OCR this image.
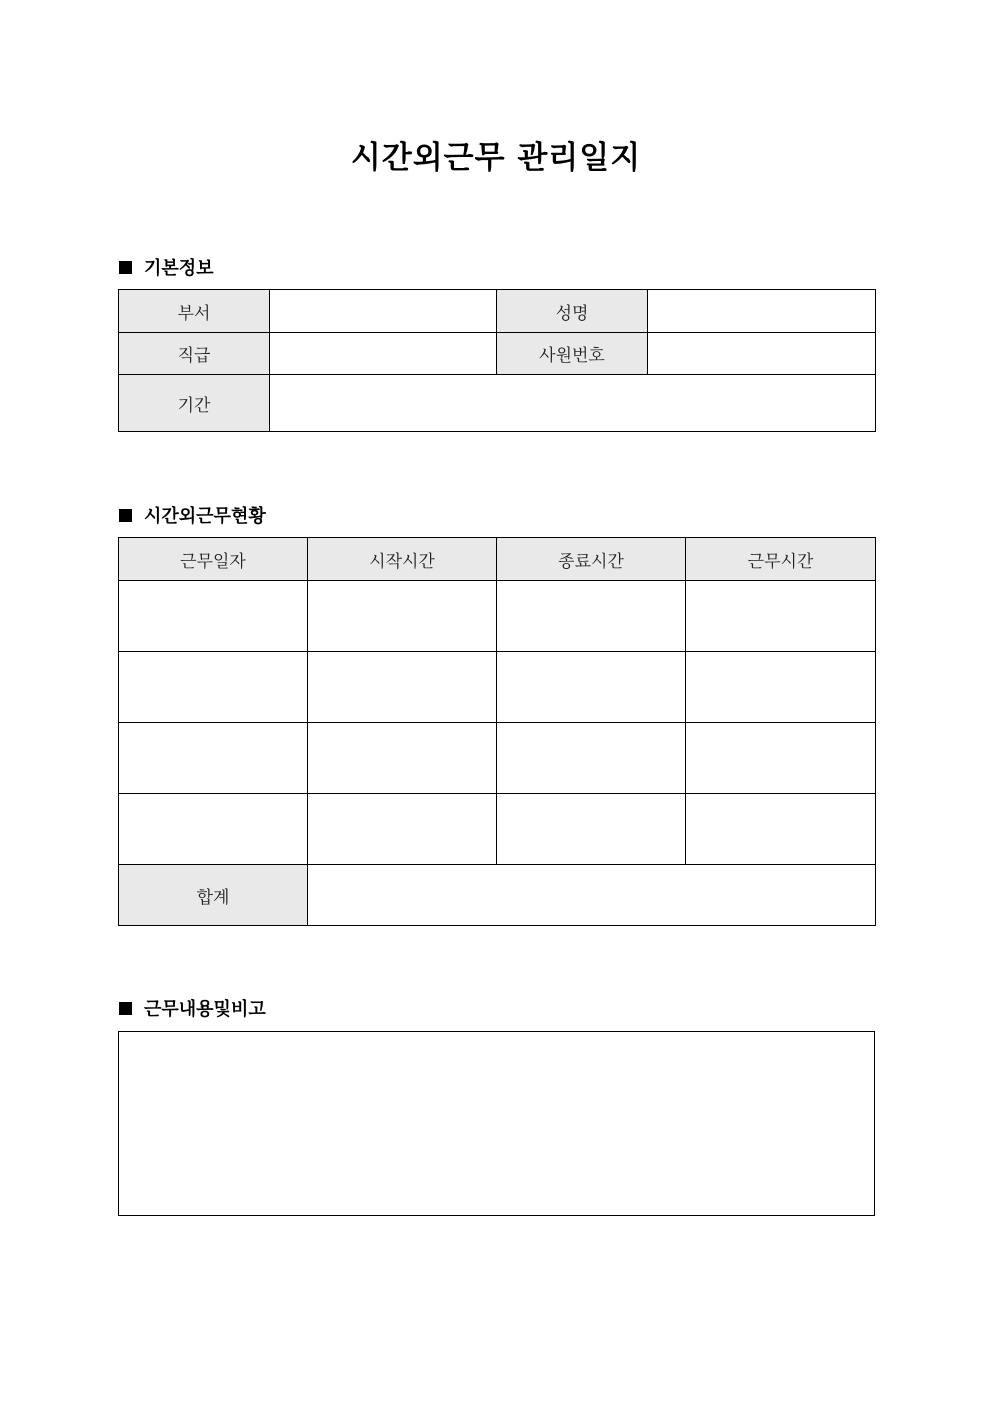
시간외근무 관리일지
기본정보
부서		성명	
직급		사원번호	
기간			
시간외근무현황
근무일자	시작시간	종료시간	근무시간

합계			
근무내용및비고
